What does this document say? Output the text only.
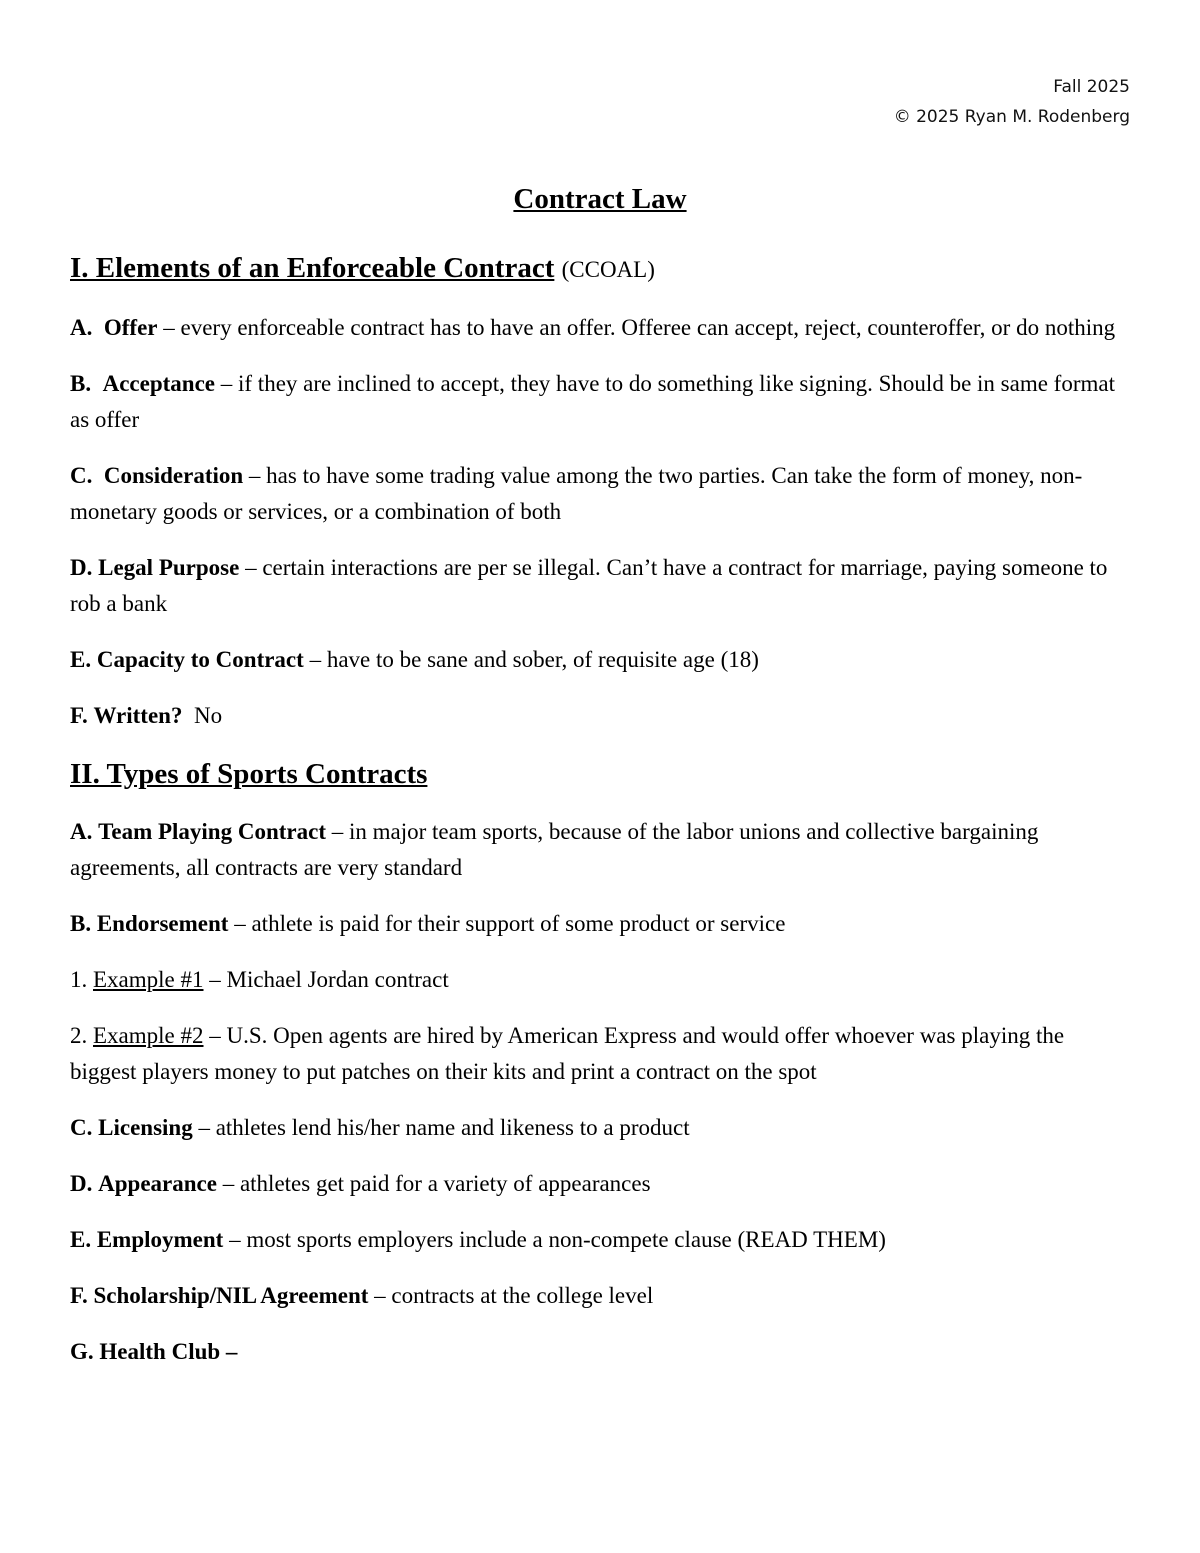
Fall 2025
© 2025 Ryan M. Rodenberg
Contract Law
I. Elements of an Enforceable Contract (CCOAL)
A. Offer – every enforceable contract has to have an offer. Offeree can accept, reject, counteroffer, or do nothing
B. Acceptance – if they are inclined to accept, they have to do something like signing. Should be in same format as offer
C. Consideration – has to have some trading value among the two parties. Can take the form of money, non-monetary goods or services, or a combination of both
D. Legal Purpose – certain interactions are per se illegal. Can’t have a contract for marriage, paying someone to rob a bank
E. Capacity to Contract – have to be sane and sober, of requisite age (18)
F. Written?  No
II. Types of Sports Contracts
A. Team Playing Contract – in major team sports, because of the labor unions and collective bargaining agreements, all contracts are very standard
B. Endorsement – athlete is paid for their support of some product or service
1. Example #1 – Michael Jordan contract
2. Example #2 – U.S. Open agents are hired by American Express and would offer whoever was playing the biggest players money to put patches on their kits and print a contract on the spot
C. Licensing – athletes lend his/her name and likeness to a product
D. Appearance – athletes get paid for a variety of appearances
E. Employment – most sports employers include a non-compete clause (READ THEM)
F. Scholarship/NIL Agreement – contracts at the college level
G. Health Club –
